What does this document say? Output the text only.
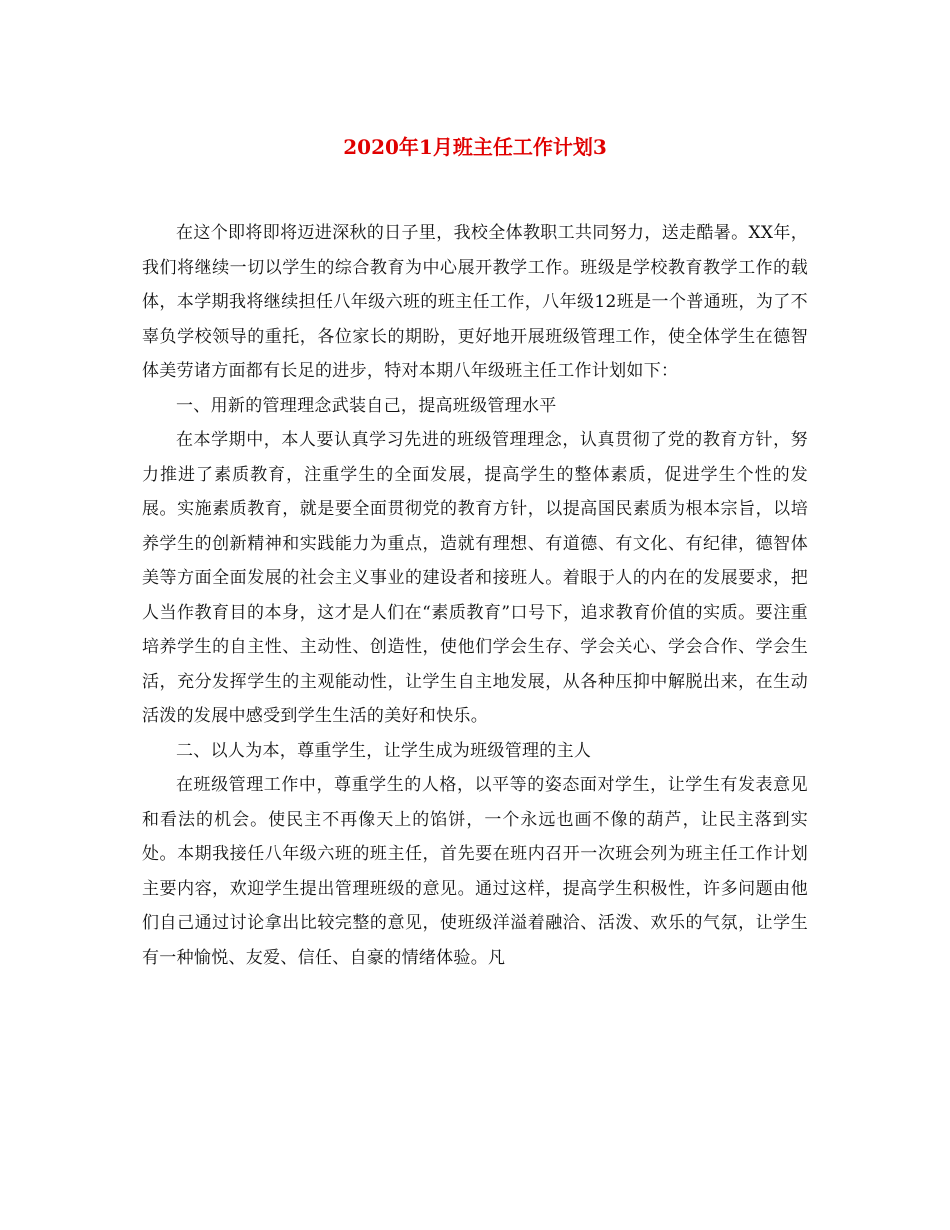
2020年1月班主任工作计划3

在这个即将即将迈进深秋的日子里，我校全体教职工共同努力，送走酷暑。XX年，我们将继续一切以学生的综合教育为中心展开教学工作。班级是学校教育教学工作的载体，本学期我将继续担任八年级六班的班主任工作，八年级12班是一个普通班，为了不辜负学校领导的重托，各位家长的期盼，更好地开展班级管理工作，使全体学生在德智体美劳诸方面都有长足的进步，特对本期八年级班主任工作计划如下：

一、用新的管理理念武装自己，提高班级管理水平

在本学期中，本人要认真学习先进的班级管理理念，认真贯彻了党的教育方针，努力推进了素质教育，注重学生的全面发展，提高学生的整体素质，促进学生个性的发展。实施素质教育，就是要全面贯彻党的教育方针，以提高国民素质为根本宗旨，以培养学生的创新精神和实践能力为重点，造就有理想、有道德、有文化、有纪律，德智体美等方面全面发展的社会主义事业的建设者和接班人。着眼于人的内在的发展要求，把人当作教育目的本身，这才是人们在“素质教育”口号下，追求教育价值的实质。要注重培养学生的自主性、主动性、创造性，使他们学会生存、学会关心、学会合作、学会生活，充分发挥学生的主观能动性，让学生自主地发展，从各种压抑中解脱出来，在生动活泼的发展中感受到学生生活的美好和快乐。

二、以人为本，尊重学生，让学生成为班级管理的主人

在班级管理工作中，尊重学生的人格，以平等的姿态面对学生，让学生有发表意见和看法的机会。使民主不再像天上的馅饼，一个永远也画不像的葫芦，让民主落到实处。本期我接任八年级六班的班主任，首先要在班内召开一次班会列为班主任工作计划主要内容，欢迎学生提出管理班级的意见。通过这样，提高学生积极性，许多问题由他们自己通过讨论拿出比较完整的意见，使班级洋溢着融洽、活泼、欢乐的气氛，让学生有一种愉悦、友爱、信任、自豪的情绪体验。凡
